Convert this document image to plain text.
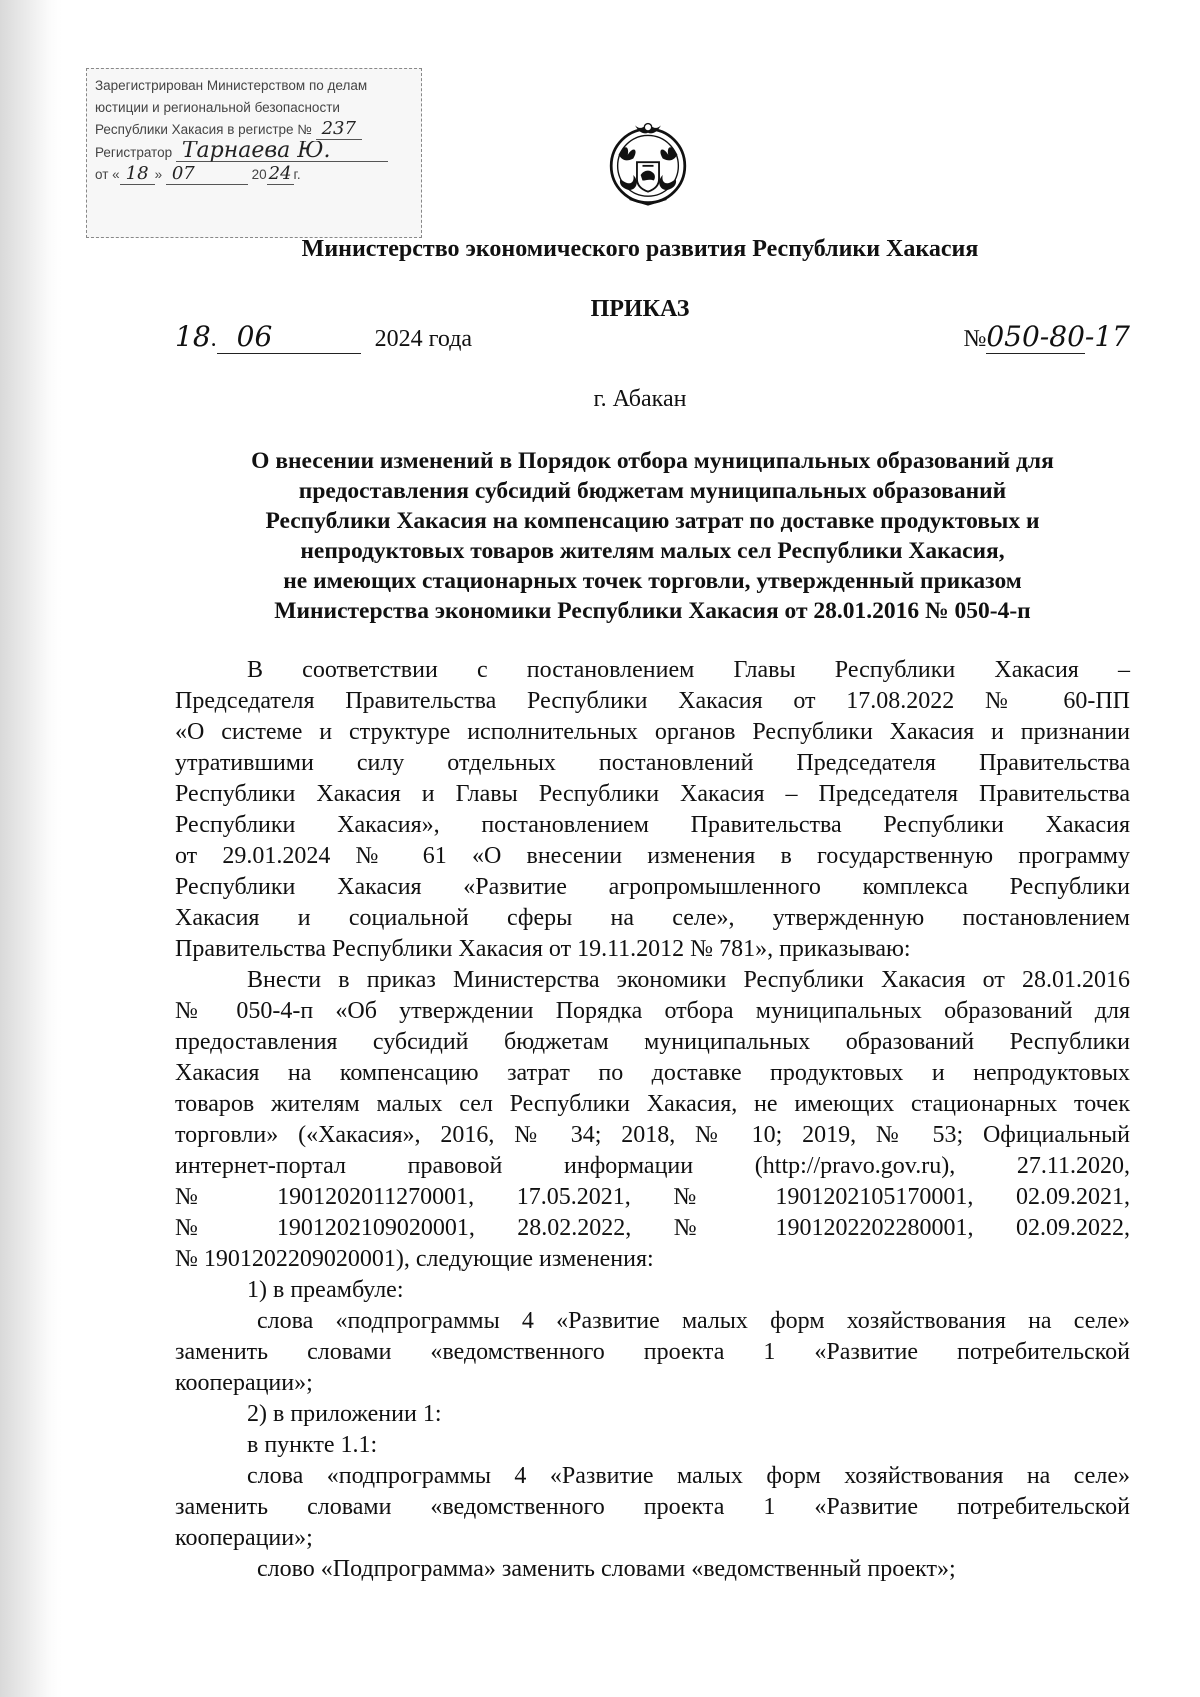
Зарегистрирован Министерством по делам
юстиции и региональной безопасности
Республики Хакасия в регистре № 237
Регистратор Тарнаева Ю.
от « 18 » 07	20 24 г.
Министерство экономического развития Республики Хакасия
ПРИКАЗ
18. 06	2024 года	№050-80-17
г. Абакан
О внесении изменений в Порядок отбора муниципальных образований для
предоставления субсидий бюджетам муниципальных образований
Республики Хакасия на компенсацию затрат по доставке продуктовых и
непродуктовых товаров жителям малых сел Республики Хакасия,
не имеющих стационарных точек торговли, утвержденный приказом
Министерства экономики Республики Хакасия от 28.01.2016 № 050-4-п
В соответствии с постановлением Главы Республики Хакасия –
Председателя Правительства Республики Хакасия от 17.08.2022 № 60-ПП
«О системе и структуре исполнительных органов Республики Хакасия и признании
утратившими силу отдельных постановлений Председателя Правительства
Республики Хакасия и Главы Республики Хакасия – Председателя Правительства
Республики Хакасия», постановлением Правительства Республики Хакасия
от 29.01.2024 № 61 «О внесении изменения в государственную программу
Республики Хакасия «Развитие агропромышленного комплекса Республики
Хакасия и социальной сферы на селе», утвержденную постановлением
Правительства Республики Хакасия от 19.11.2012 № 781», приказываю:
Внести в приказ Министерства экономики Республики Хакасия от 28.01.2016
№ 050-4-п «Об утверждении Порядка отбора муниципальных образований для
предоставления субсидий бюджетам муниципальных образований Республики
Хакасия на компенсацию затрат по доставке продуктовых и непродуктовых
товаров жителям малых сел Республики Хакасия, не имеющих стационарных точек
торговли» («Хакасия», 2016, № 34; 2018, № 10; 2019, № 53; Официальный
интернет-портал правовой информации (http://pravo.gov.ru), 27.11.2020,
№ 1901202011270001, 17.05.2021, № 1901202105170001, 02.09.2021,
№ 1901202109020001, 28.02.2022, № 1901202202280001, 02.09.2022,
№ 1901202209020001), следующие изменения:
1) в преамбуле:
слова «подпрограммы 4 «Развитие малых форм хозяйствования на селе»
заменить словами «ведомственного проекта 1 «Развитие потребительской
кооперации»;
2) в приложении 1:
в пункте 1.1:
слова «подпрограммы 4 «Развитие малых форм хозяйствования на селе»
заменить словами «ведомственного проекта 1 «Развитие потребительской
кооперации»;
слово «Подпрограмма» заменить словами «ведомственный проект»;
